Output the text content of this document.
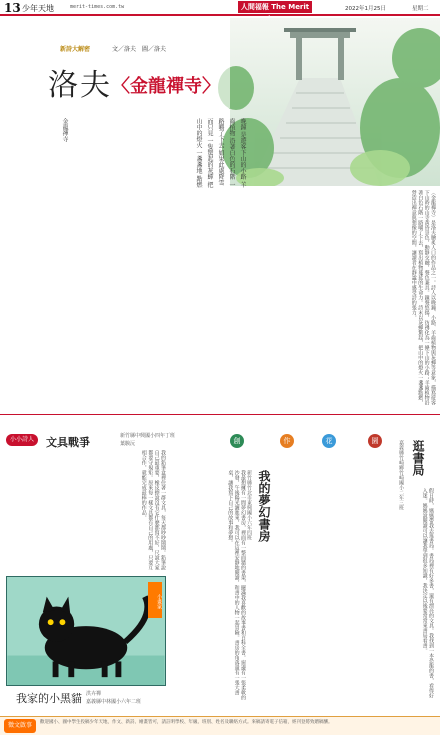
13 少年天地	merit-times.com.tw	人間福報 The Merit	2022年1月25日	星期二
新詩大解密	文／洛夫　圖／洛夫
洛夫 〈金龍禪寺〉
金龍禪寺	晚鐘 是遊客下山的小路 羊齒植物 沿著白色的石階 一路嚼了下去 如果此處降雪 而只見 一隻驚起的灰蟬 把山中的燈火 一盞盞地 點燃
〈金龍禪寺〉是洛夫膾炙人口的作品之一。詩人以晚鐘、小路、羊齒植物與灰蟬等意象，描寫遊客下山時的山寺黃昏景色，動靜交融，聲色兼具。鐘聲悠揚，彷彿化為一條下山的小路；羊齒植物沿著白色石階一路嚼了下去，寫出植物蔓延的生命力。詩末以灰蟬驚起，把山中的燈火一盞盞點燃，營造出禪意與想像的空間，讓讀者在靜謐中感受詩的張力。
小小詩人	文具戰爭	新竹縣中興國小四年丁班
葉駿沅
我的鉛筆盒裡住著一群文具，每天都吵吵鬧鬧。鉛筆說自己最重要，橡皮擦說沒有它什麼都寫不好，尺說大家都要守規矩。原來每一樣文具都有自己的用處，只要互相合作，就能完成最棒的作品。
小畫家
我家的小黑貓 洪卉禪
嘉義縣中林國小六年二班
創	作	花	園
我的夢幻書房
新竹縣竹北市東興國小六年四班
我最想擁有一間夢幻書房，裡面有一整面牆的書架，擺滿我喜歡的故事書和百科全書。窗邊有一張柔軟的沙發，午後陽光灑進來，我可以在這裡安靜地閱讀，和書中的人物一起冒險。書房的角落還有一張大書桌，讓我寫下自己的故事和夢想。
逛書局
嘉義縣竹崎鄉竹崎國小二年三班
假日時，媽媽帶我去逛書局。書局裡有好多書，還有漂亮的文具。我找到一本恐龍的書，看得好入迷。媽媽說閱讀可以讓我學到很多知識，我決定以後要常常來書局看書。
徵文啟事	歡迎國小、國中學生投稿少年天地，作文、新詩、繪畫皆可，請註明學校、年級、班別、姓名及聯絡方式。來稿請寄電子信箱，經刊登將致贈稿酬。
